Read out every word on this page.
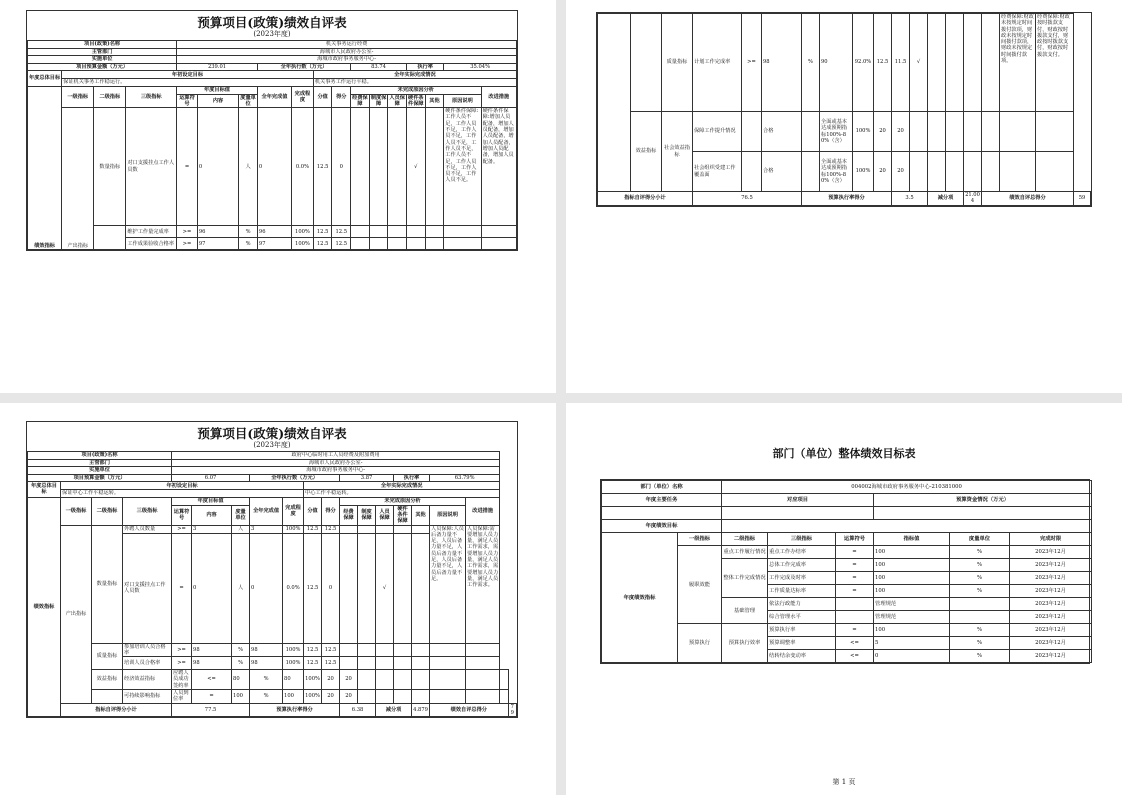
预算项目(政策)绩效自评表
(2023年度)
项目(政策)名称				机关事务运行经费													
主管部门				海城市人民政府办公室-													
实施单位				海城市政府事务服务中心-													
项目预算金额（万元）				239.01			全年执行数（万元）				83.74			执行率		35.04%	
年度总体目标	年初设定目标								全年实际完成情况								
	保证机关事务工作稳运行。								机关事务工作运行平稳。								
绩效指标	一级指标	二级指标	三级指标	年度目标值			全年完成值	完成程度	分值	得分	未完成原因分析						改进措施
				运算符号	内容	度量单位					经费保障	制度保障	人员保障	硬件条件保障	其他	原因说明	

	产出指标	数量指标	对口支援挂点工作人员数	=	0	人	0	0.0%	12.5	0				√		硬件条件保障:工作人员不足，工作人员不足，工作人员不足，工作人员不足，工作人员不足，工作人员不足，工作人员不足，工作人员不足，工作人员不足。	硬件条件保障:增加人员配备，增加人员配备，增加人员配备，增加人员配备，增加人员配备，增加人员配备。
			维护工作量完成率	>=	96	%	96	100%	12.5	12.5							
			工作成果验收合格率	>=	97	%	97	100%	12.5	12.5							
		质量指标	计划工作完成率	>=	98	%	90	92.0%	12.5	11.5	√					经费保障:财政未按规定时间拨付款项，财政未按规定时间拨付款项，财政未按规定时间拨付款项。	经费保障:财政按时拨款支付，财政按时拨款支付，财政按时拨款支付，财政按时拨款支付。	
	效益指标	社会效益指标	保障工作提升情况		合格		全面或基本达成预期指标100%-80%（含）	100%	20	20								
			社会组织受建工作覆盖面		合格		全面或基本达成预期指标100%-80%（含）	100%	20	20								
指标自评得分小计			76.5			预算执行率得分				3.5		减分项		21.004	绩效自评总得分			59
预算项目(政策)绩效自评表
(2023年度)
项目(政策)名称				政府中心临时用工人员经费及附加费用															
主管部门				海城市人民政府办公室-															
实施单位				海城市政府事务服务中心-															
项目预算金额（万元）				6.07			全年执行数（万元）				3.87			执行率		63.79%			
年度总体目标	年初设定目标								全年实际完成情况										
	保证中心工作平稳运转。								中心工作平稳运转。										
绩效指标	一级指标	二级指标	三级指标	年度目标值			全年完成值	完成程度	分值	得分	未完成原因分析						改进措施		
				运算符号	内容	度量单位					经费保障	制度保障	人员保障	硬件条件保障	其他	原因说明			
	产出指标	数量指标	外聘人员数量	>=	3	人	3	100%	12.5	12.5						人员保障:人员后备力量不足，人员后备力量不足，人员后备力量不足，人员后备力量不足，人员后备力量不足。	人员保障:需要增加人员力量，满足人员工作需求，需要增加人员力量，满足人员工作需求，需要增加人员力量，满足人员工作需求。		
			对口支援挂点工作人员数	=	0	人	0	0.0%	12.5	0			√						
		质量指标	参加培训人员合格率	>=	98	%	98	100%	12.5	12.5									
			培训人员合格率	>=	98	%	98	100%	12.5	12.5									
		效益指标	经济效益指标	应聘人员成功签约率	<=	80	%	80	100%	20	20								
			可持续影响指标	人员到位率	=	100	%	100	100%	20	20								
	指标自评得分小计			77.5			预算执行率得分				6.38		减分项		4.879	绩效自评总得分			79
部门（单位）整体绩效目标表
部门（单位）名称		004002海城市政府事务服务中心-210381000					
年度主要任务		对应项目			预算资金情况（万元）		

年度绩效目标							
年度绩效指标	一级指标	二级指标	三级指标	运算符号	指标值	度量单位	完成时限
	履职效能	重点工作履行情况	重点工作办结率	=	100	%	2023年12月
		整体工作完成情况	总体工作完成率	=	100	%	2023年12月
			工作完成及时率	=	100	%	2023年12月
			工作质量达标率	=	100	%	2023年12月
		基础管理	依法行政能力		管理规范		2023年12月
			综合管理水平		管理规范		2023年12月
	预算执行	预算执行效率	预算执行率	=	100	%	2023年12月
			预算调整率	<=	5	%	2023年12月
			结转结余变动率	<=	0	%	2023年12月
第 1 页
